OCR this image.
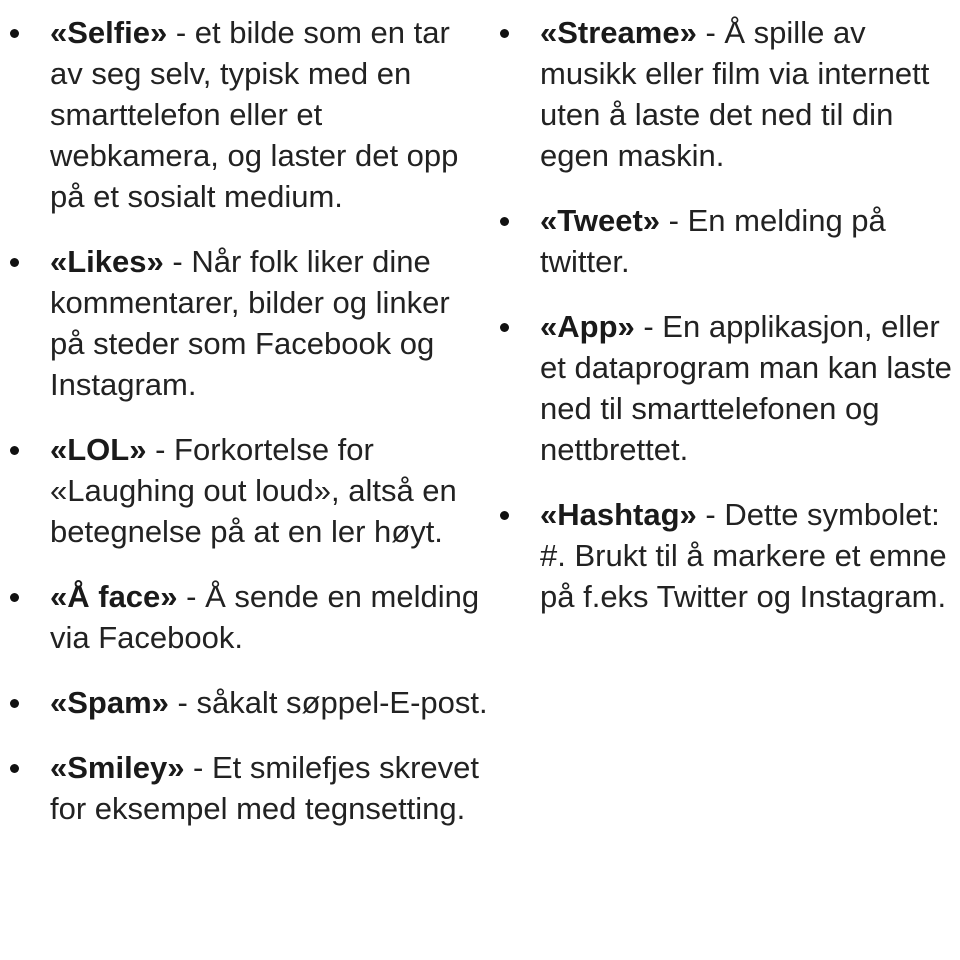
«Selfie» - et bilde som en tar av seg selv, typisk med en smarttelefon eller et webkamera, og laster det opp på et sosialt medium.
«Likes» - Når folk liker dine kommentarer, bilder og linker på steder som Facebook og Instagram.
«LOL» - Forkortelse for «Laughing out loud», altså en betegnelse på at en ler høyt.
«Å face» - Å sende en melding via Facebook.
«Spam» - såkalt søppel-E-post.
«Smiley» - Et smilefjes skrevet for eksempel med tegnsetting.
«Streame» - Å spille av musikk eller film via internett uten å laste det ned til din egen maskin.
«Tweet» - En melding på twitter.
«App» - En applikasjon, eller et dataprogram man kan laste ned til smarttelefonen og nettbrettet.
«Hashtag» - Dette symbolet: #. Brukt til å markere et emne på f.eks Twitter og Instagram.
